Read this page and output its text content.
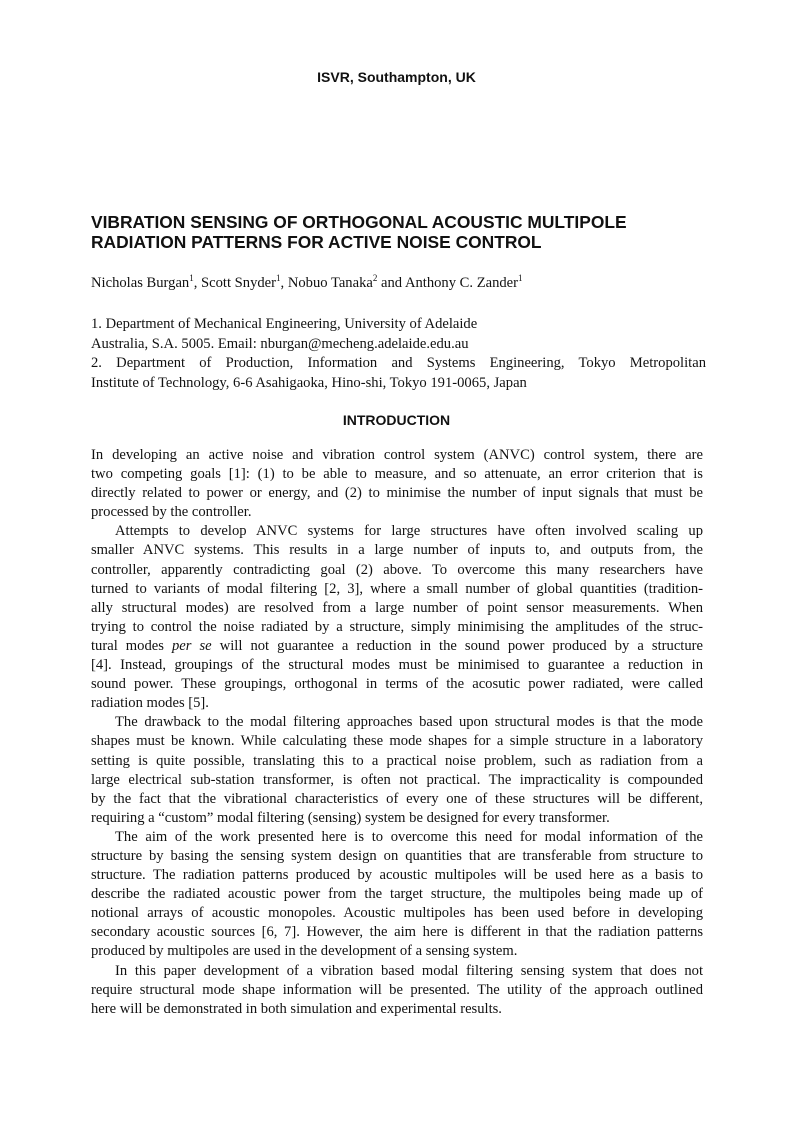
ISVR, Southampton, UK
VIBRATION SENSING OF ORTHOGONAL ACOUSTIC MULTIPOLE
RADIATION PATTERNS FOR ACTIVE NOISE CONTROL
Nicholas Burgan$^1$, Scott Snyder$^1$, Nobuo Tanaka$^2$ and Anthony C. Zander$^1$
1. Department of Mechanical Engineering, University of Adelaide
Australia, S.A. 5005. Email: nburgan@mecheng.adelaide.edu.au
2. Department of Production, Information and Systems Engineering, Tokyo Metropolitan
Institute of Technology, 6-6 Asahigaoka, Hino-shi, Tokyo 191-0065, Japan
INTRODUCTION
In developing an active noise and vibration control system (ANVC) control system, there are
two competing goals [1]: (1) to be able to measure, and so attenuate, an error criterion that is
directly related to power or energy, and (2) to minimise the number of input signals that must be
processed by the controller.
Attempts to develop ANVC systems for large structures have often involved scaling up
smaller ANVC systems. This results in a large number of inputs to, and outputs from, the
controller, apparently contradicting goal (2) above. To overcome this many researchers have
turned to variants of modal filtering [2, 3], where a small number of global quantities (tradition-
ally structural modes) are resolved from a large number of point sensor measurements. When
trying to control the noise radiated by a structure, simply minimising the amplitudes of the struc-
tural modes per se will not guarantee a reduction in the sound power produced by a structure
[4]. Instead, groupings of the structural modes must be minimised to guarantee a reduction in
sound power. These groupings, orthogonal in terms of the acosutic power radiated, were called
radiation modes [5].
The drawback to the modal filtering approaches based upon structural modes is that the mode
shapes must be known. While calculating these mode shapes for a simple structure in a laboratory
setting is quite possible, translating this to a practical noise problem, such as radiation from a
large electrical sub-station transformer, is often not practical. The impracticality is compounded
by the fact that the vibrational characteristics of every one of these structures will be different,
requiring a “custom” modal filtering (sensing) system be designed for every transformer.
The aim of the work presented here is to overcome this need for modal information of the
structure by basing the sensing system design on quantities that are transferable from structure to
structure. The radiation patterns produced by acoustic multipoles will be used here as a basis to
describe the radiated acoustic power from the target structure, the multipoles being made up of
notional arrays of acoustic monopoles. Acoustic multipoles has been used before in developing
secondary acoustic sources [6, 7]. However, the aim here is different in that the radiation patterns
produced by multipoles are used in the development of a sensing system.
In this paper development of a vibration based modal filtering sensing system that does not
require structural mode shape information will be presented. The utility of the approach outlined
here will be demonstrated in both simulation and experimental results.
